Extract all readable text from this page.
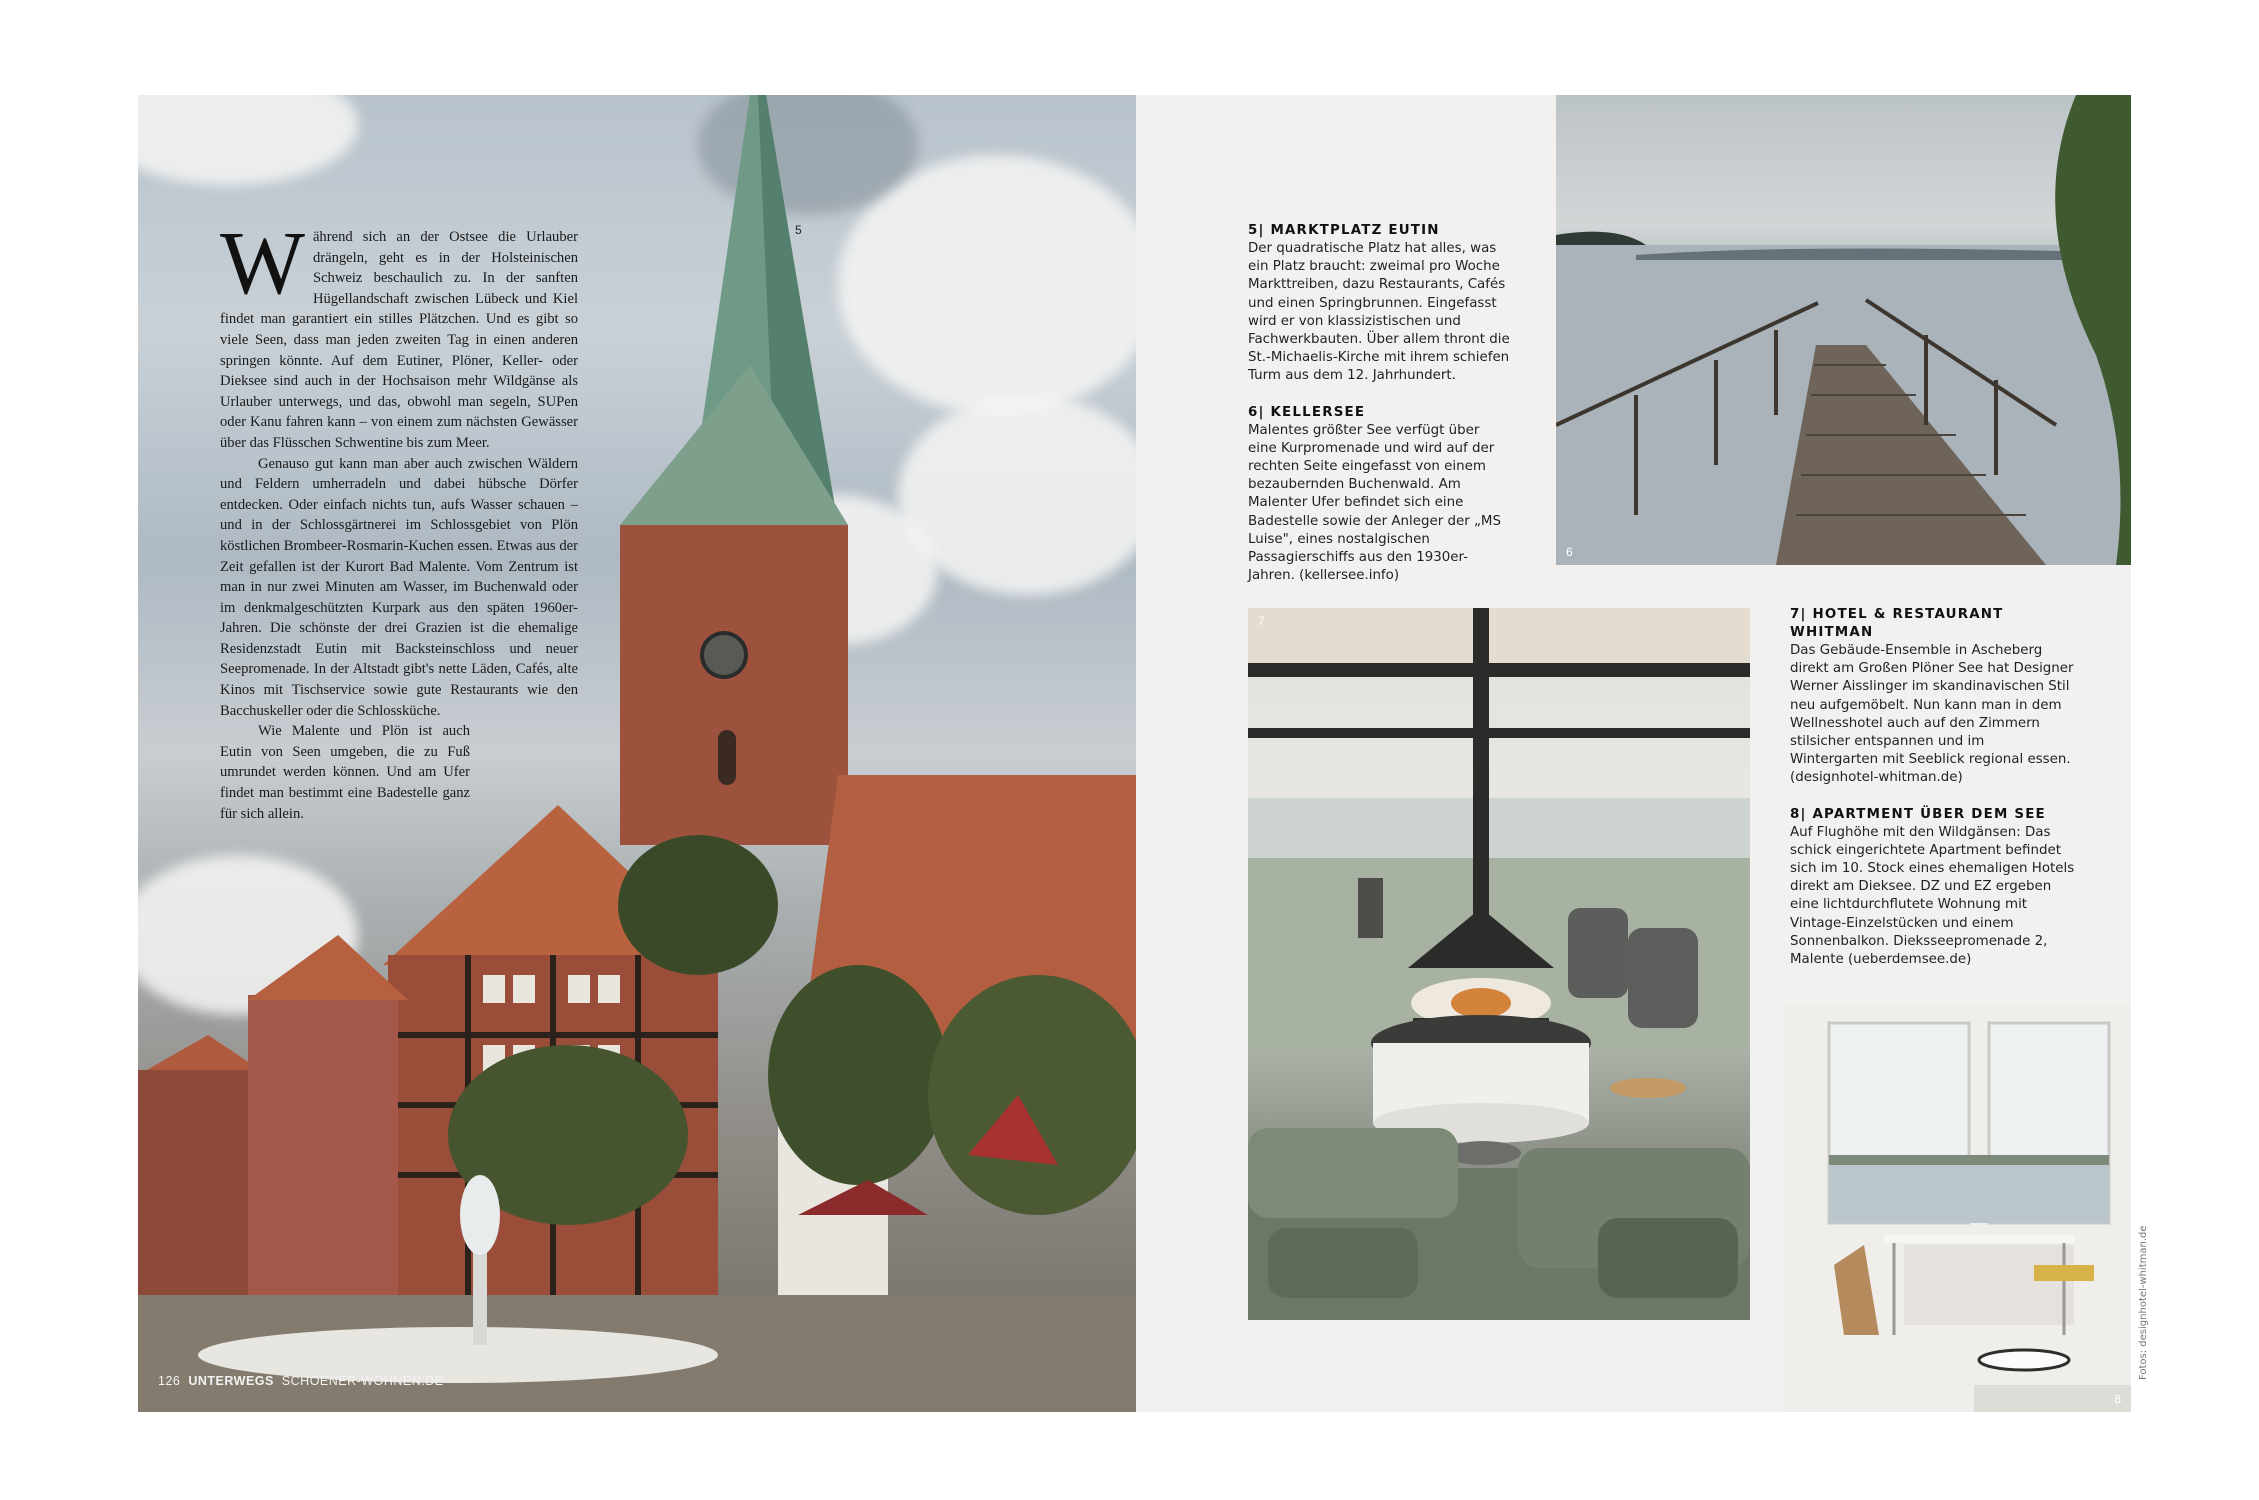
5

Während sich an der Ostsee die Urlauber drängeln, geht es in der Holsteinischen Schweiz beschaulich zu. In der sanften Hügellandschaft zwischen Lübeck und Kiel findet man garantiert ein stilles Plätzchen. Und es gibt so viele Seen, dass man jeden zweiten Tag in einen anderen springen könnte. Auf dem Eutiner, Plöner, Keller- oder Dieksee sind auch in der Hochsaison mehr Wildgänse als Urlauber unterwegs, und das, obwohl man segeln, SUPen oder Kanu fahren kann – von einem zum nächsten Gewässer über das Flüsschen Schwentine bis zum Meer.

Genauso gut kann man aber auch zwischen Wäldern und Feldern umherradeln und dabei hübsche Dörfer entdecken. Oder einfach nichts tun, aufs Wasser schauen – und in der Schlossgärtnerei im Schlossgebiet von Plön köstlichen Brombeer-Rosmarin-Kuchen essen. Etwas aus der Zeit gefallen ist der Kurort Bad Malente. Vom Zentrum ist man in nur zwei Minuten am Wasser, im Buchenwald oder im denkmalgeschützten Kurpark aus den späten 1960er-Jahren. Die schönste der drei Grazien ist die ehemalige Residenzstadt Eutin mit Backsteinschloss und neuer Seepromenade. In der Altstadt gibt's nette Läden, Cafés, alte Kinos mit Tischservice sowie gute Restaurants wie den Bacchuskeller oder die Schlossküche.

Wie Malente und Plön ist auch Eutin von Seen umgeben, die zu Fuß umrundet werden können. Und am Ufer findet man bestimmt eine Badestelle ganz für sich allein.

126 UNTERWEGS SCHOENER-WOHNEN.DE
6
7
8
5| MARKTPLATZ EUTIN

Der quadratische Platz hat alles, was ein Platz braucht: zweimal pro Woche Markttreiben, dazu Restaurants, Cafés und einen Springbrunnen. Eingefasst wird er von klassizistischen und Fachwerkbauten. Über allem thront die St.-Michaelis-Kirche mit ihrem schiefen Turm aus dem 12. Jahrhundert.

6| KELLERSEE

Malentes größter See verfügt über eine Kurpromenade und wird auf der rechten Seite eingefasst von einem bezaubernden Buchenwald. Am Malenter Ufer befindet sich eine Badestelle sowie der Anleger der „MS Luise", eines nostalgischen Passagierschiffs aus den 1930er-Jahren. (kellersee.info)

7| HOTEL & RESTAURANT WHITMAN

Das Gebäude-Ensemble in Ascheberg direkt am Großen Plöner See hat Designer Werner Aisslinger im skandinavischen Stil neu aufgemöbelt. Nun kann man in dem Wellnesshotel auch auf den Zimmern stilsicher entspannen und im Wintergarten mit Seeblick regional essen. (designhotel-whitman.de)

8| APARTMENT ÜBER DEM SEE

Auf Flughöhe mit den Wildgänsen: Das schick eingerichtete Apartment befindet sich im 10. Stock eines ehemaligen Hotels direkt am Dieksee. DZ und EZ ergeben eine lichtdurchflutete Wohnung mit Vintage-Einzelstücken und einem Sonnenbalkon. Dieksseepromenade 2, Malente (ueberdemsee.de)

Fotos: designhotel-whitman.de
